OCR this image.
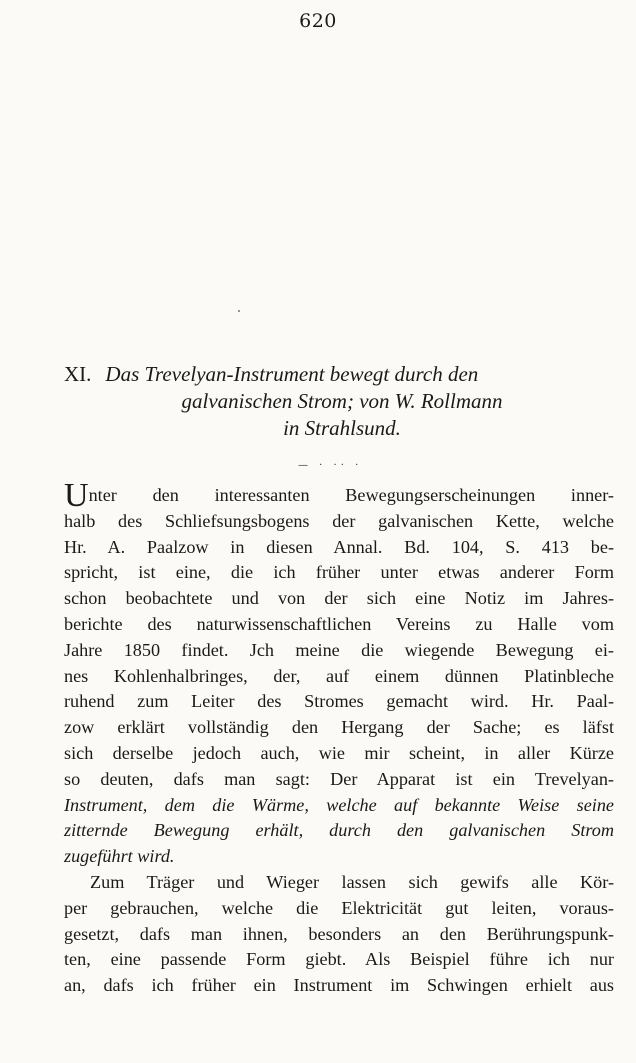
620
XI. Das Trevelyan-Instrument bewegt durch den
galvanischen Strom; von W. Rollmann
in Strahlsund.
— · ·· ·
Unter den interessanten Bewegungserscheinungen inner-
halb des Schliefsungsbogens der galvanischen Kette, welche
Hr. A. Paalzow in diesen Annal. Bd. 104, S. 413 be-
spricht, ist eine, die ich früher unter etwas anderer Form
schon beobachtete und von der sich eine Notiz im Jahres-
berichte des naturwissenschaftlichen Vereins zu Halle vom
Jahre 1850 findet. Jch meine die wiegende Bewegung ei-
nes Kohlenhalbringes, der, auf einem dünnen Platinbleche
ruhend zum Leiter des Stromes gemacht wird. Hr. Paal-
zow erklärt vollständig den Hergang der Sache; es läfst
sich derselbe jedoch auch, wie mir scheint, in aller Kürze
so deuten, dafs man sagt: Der Apparat ist ein Trevelyan-
Instrument, dem die Wärme, welche auf bekannte Weise seine
zitternde Bewegung erhält, durch den galvanischen Strom
zugeführt wird.
Zum Träger und Wieger lassen sich gewifs alle Kör-
per gebrauchen, welche die Elektricität gut leiten, voraus-
gesetzt, dafs man ihnen, besonders an den Berührungspunk-
ten, eine passende Form giebt. Als Beispiel führe ich nur
an, dafs ich früher ein Instrument im Schwingen erhielt aus
